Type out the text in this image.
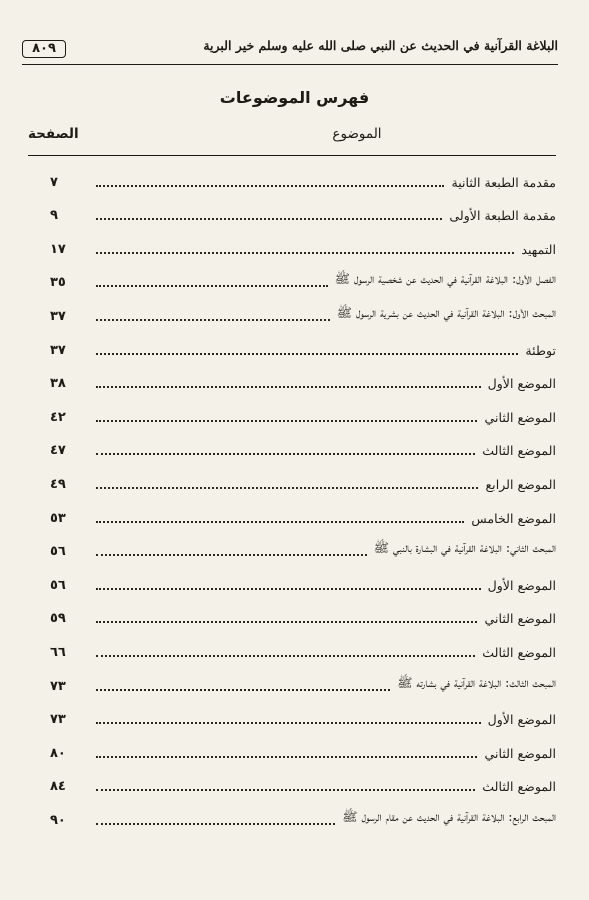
٨٠٩	البلاغة القرآنية في الحديث عن النبي صلى الله عليه وسلم خير البرية
فهرس الموضوعات
الصفحة	الموضوع
مقدمة الطبعة الثانية
٧
مقدمة الطبعة الأولى
٩
التمهيد
١٧
الفصل الأول: البلاغة القرآنية في الحديث عن شخصية الرسول ﷺ
٣٥
المبحث الأول: البلاغة القرآنية في الحديث عن بشرية الرسول ﷺ
٣٧
توطئة
٣٧
الموضع الأول
٣٨
الموضع الثاني
٤٢
الموضع الثالث
٤٧
الموضع الرابع
٤٩
الموضع الخامس
٥٣
المبحث الثاني: البلاغة القرآنية في البشارة بالنبي ﷺ
٥٦
الموضع الأول
٥٦
الموضع الثاني
٥٩
الموضع الثالث
٦٦
المبحث الثالث: البلاغة القرآنية في بشارته ﷺ
٧٣
الموضع الأول
٧٣
الموضع الثاني
٨٠
الموضع الثالث
٨٤
المبحث الرابع: البلاغة القرآنية في الحديث عن مقام الرسول ﷺ
٩٠
